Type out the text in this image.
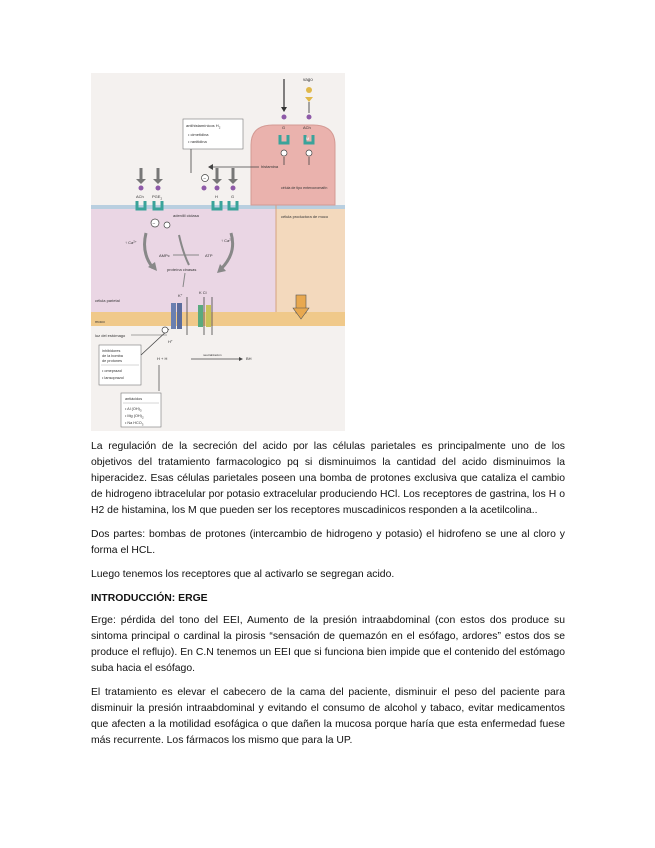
vago
ACh
G
M
histamina
célula de tipo enterocromafín
antihistamínicos $H_2$
• cimetidina
• ranitidina
−
ACh $PGE_2$	H	G
−
adenilil ciclasa
↑ $Ca^{2+}$	↑ $Ca^{2+}$
AMPc	ATP
proteína cinasas
célula parietal
célula productora de moco
K+	K Cl
moco
luz del estómago
H+
inhibidores
de la bomba
de protones
• omeprazol
• lansoprazol
H + H
neutralización
BH
antiácidos
• Al $(OH)_3$
• Mg $(OH)_2$
• Na $HCO_3$

La regulación de la secreción del acido por las células parietales es principalmente uno de los objetivos del tratamiento farmacologico pq si disminuimos la cantidad del acido disminuimos la hiperacidez. Esas células parietales poseen una bomba de protones exclusiva que cataliza el cambio de hidrogeno ibtracelular por potasio extracelular produciendo HCl. Los receptores de gastrina, los H o H2 de histamina, los M que pueden ser los receptores muscadinicos responden a la acetilcolina..

Dos partes: bombas de protones (intercambio de hidrogeno y potasio) el hidrofeno se une al cloro y forma el HCL.

Luego tenemos los receptores que al activarlo se segregan acido.

INTRODUCCIÓN: ERGE

Erge: pérdida del tono del EEI, Aumento de la presión intraabdominal (con estos dos produce su sintoma principal o cardinal la pirosis “sensación de quemazón en el esófago, ardores” estos dos se produce el reflujo). En C.N tenemos un EEI que si funciona bien impide que el contenido del estómago suba hacia el esófago.

El tratamiento es elevar el cabecero de la cama del paciente, disminuir el peso del paciente para disminuir la presión intraabdominal y evitando el consumo de alcohol y tabaco, evitar medicamentos que afecten a la motilidad esofágica o que dañen la mucosa porque haría que esta enfermedad fuese más recurrente. Los fármacos los mismo que para la UP.
